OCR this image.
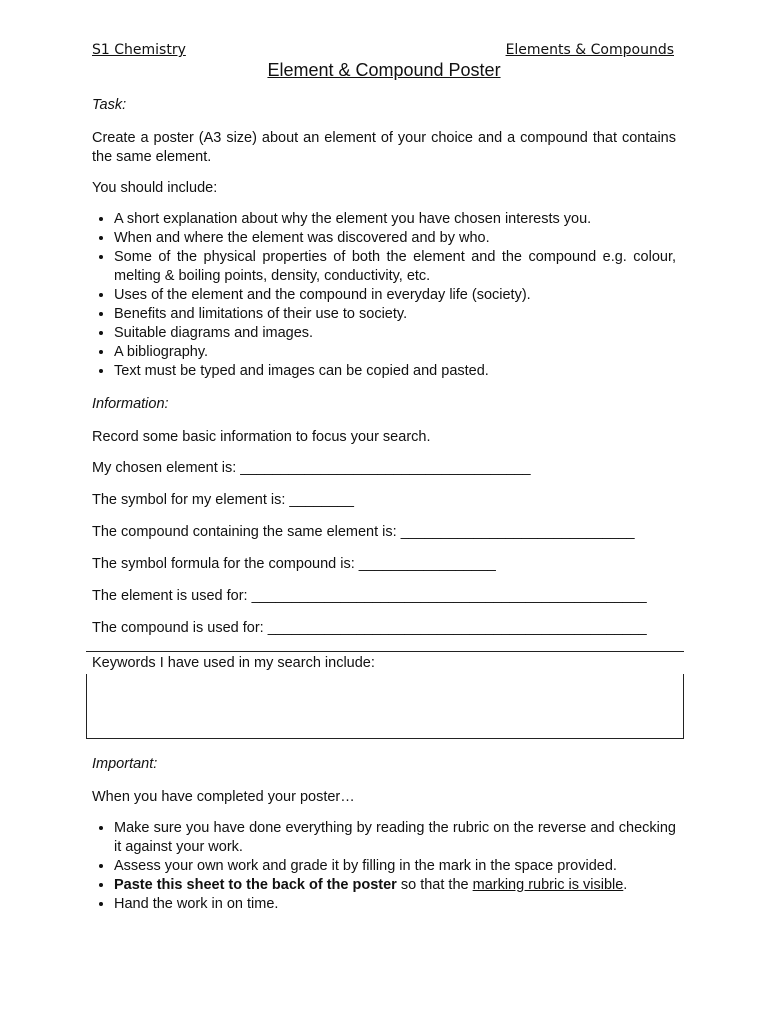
S1 Chemistry	Elements & Compounds
Element & Compound Poster
Task:

Create a poster (A3 size) about an element of your choice and a compound that contains the same element.

You should include:

• A short explanation about why the element you have chosen interests you.
• When and where the element was discovered and by who.
• Some of the physical properties of both the element and the compound e.g. colour, melting & boiling points, density, conductivity, etc.
• Uses of the element and the compound in everyday life (society).
• Benefits and limitations of their use to society.
• Suitable diagrams and images.
• A bibliography.
• Text must be typed and images can be copied and pasted.
Information:

Record some basic information to focus your search.

My chosen element is: ____________________________________
The symbol for my element is: ________
The compound containing the same element is: _____________________________
The symbol formula for the compound is: _________________
The element is used for: _________________________________________________
The compound is used for: _______________________________________________
Keywords I have used in my search include:
Important:

When you have completed your poster…

• Make sure you have done everything by reading the rubric on the reverse and checking it against your work.
• Assess your own work and grade it by filling in the mark in the space provided.
• Paste this sheet to the back of the poster so that the marking rubric is visible.
• Hand the work in on time.
